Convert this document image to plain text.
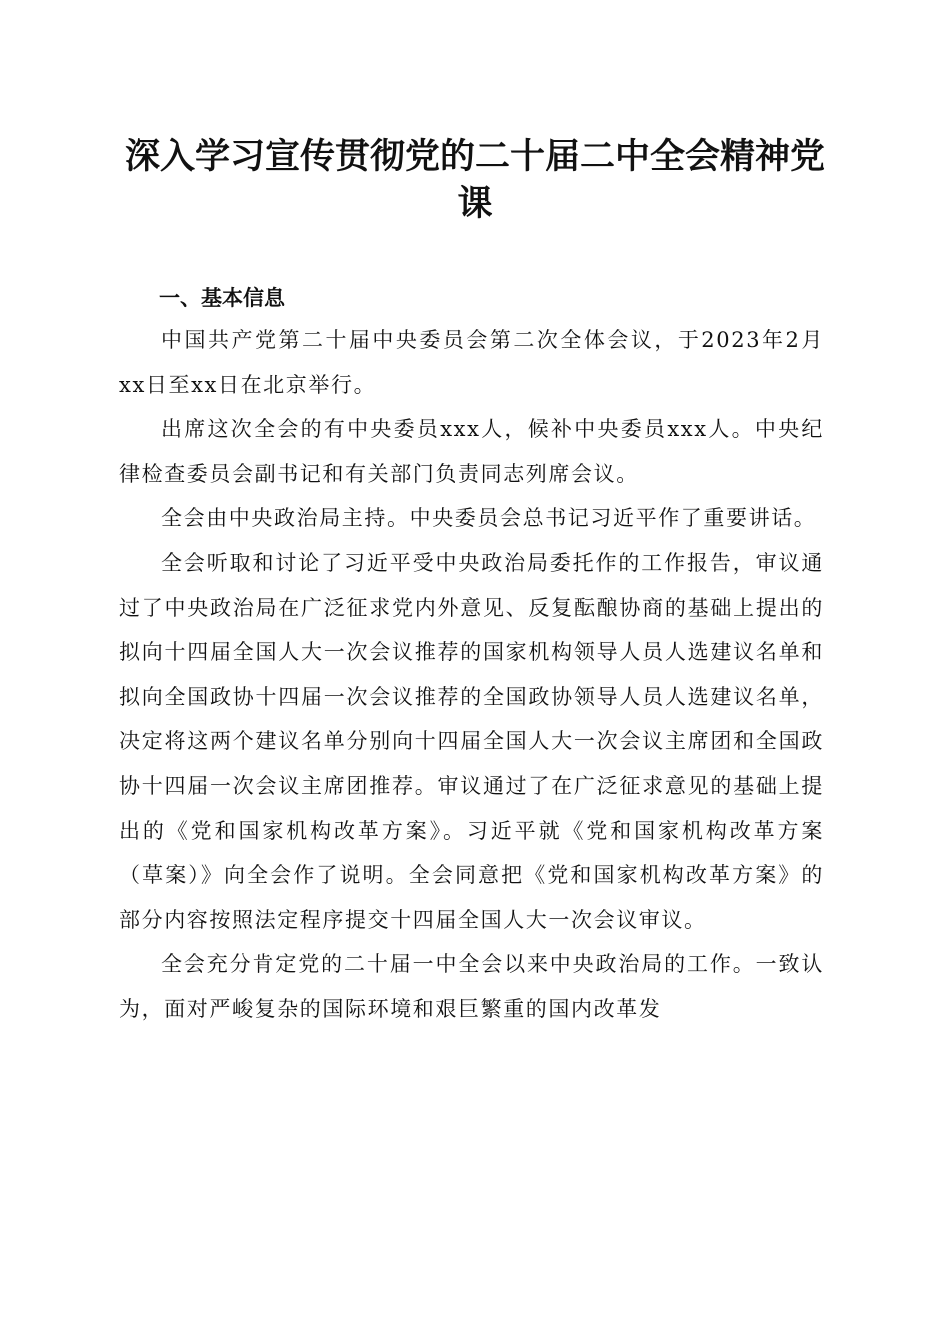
深入学习宣传贯彻党的二十届二中全会精神党课
一、基本信息

中国共产党第二十届中央委员会第二次全体会议，于2023年2月xx日至xx日在北京举行。

出席这次全会的有中央委员xxx人，候补中央委员xxx人。中央纪律检查委员会副书记和有关部门负责同志列席会议。

全会由中央政治局主持。中央委员会总书记习近平作了重要讲话。

全会听取和讨论了习近平受中央政治局委托作的工作报告，审议通过了中央政治局在广泛征求党内外意见、反复酝酿协商的基础上提出的拟向十四届全国人大一次会议推荐的国家机构领导人员人选建议名单和拟向全国政协十四届一次会议推荐的全国政协领导人员人选建议名单，决定将这两个建议名单分别向十四届全国人大一次会议主席团和全国政协十四届一次会议主席团推荐。审议通过了在广泛征求意见的基础上提出的《党和国家机构改革方案》。习近平就《党和国家机构改革方案（草案）》向全会作了说明。全会同意把《党和国家机构改革方案》的部分内容按照法定程序提交十四届全国人大一次会议审议。

全会充分肯定党的二十届一中全会以来中央政治局的工作。一致认为，面对严峻复杂的国际环境和艰巨繁重的国内改革发
